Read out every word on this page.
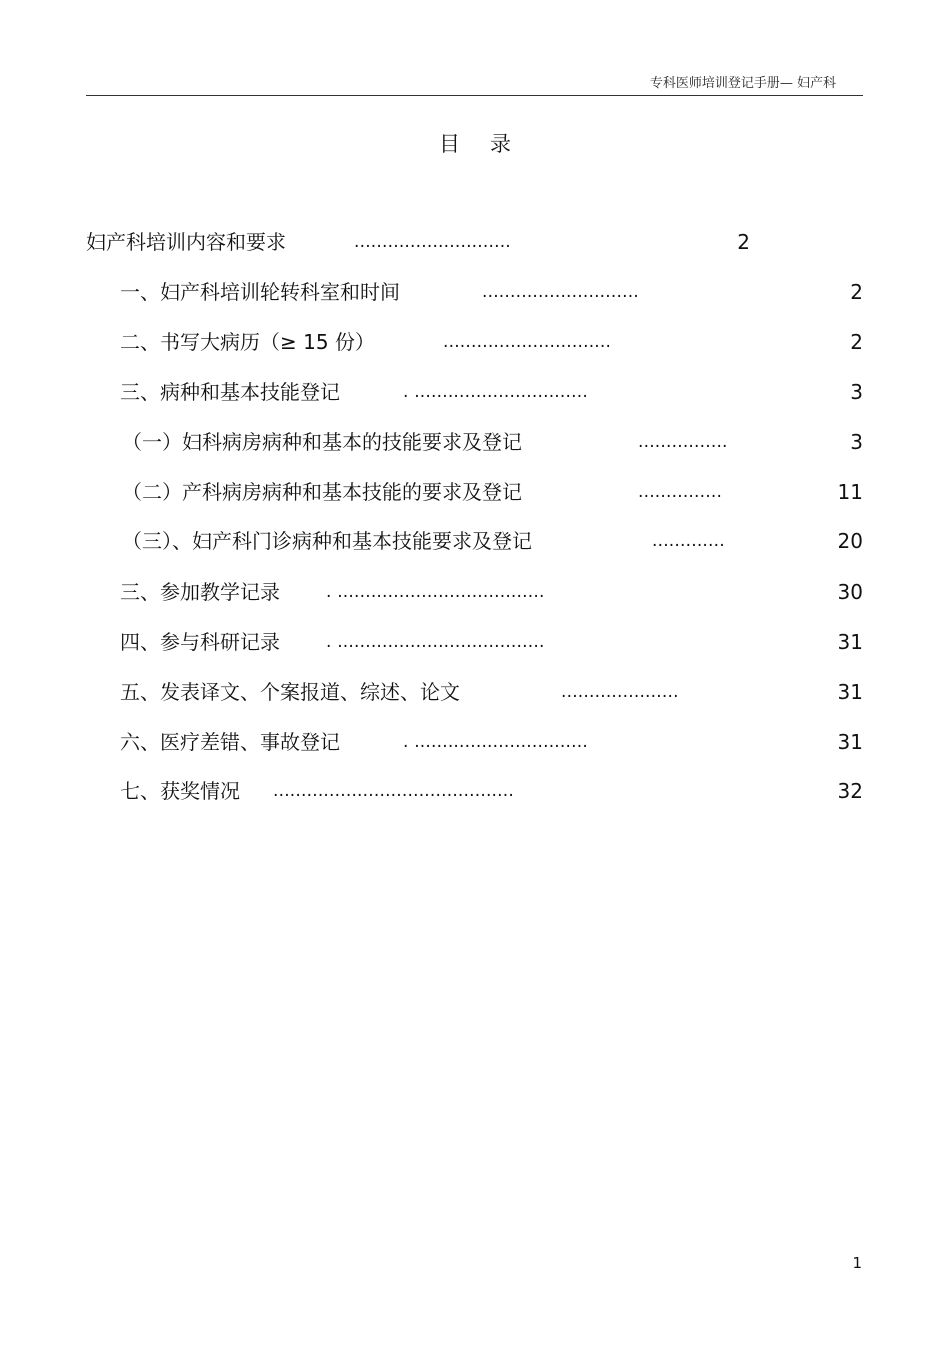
专科医师培训登记手册— 妇产科
目录
妇产科培训内容和要求	............................	2
一、妇产科培训轮转科室和时间	............................	2
二、书写大病历（≥ 15 份）	..............................	2
三、病种和基本技能登记	. ...............................	3
（一）妇科病房病种和基本的技能要求及登记	................	3
（二）产科病房病种和基本技能的要求及登记	...............	11
（三）、妇产科门诊病种和基本技能要求及登记	.............	20
三、参加教学记录	. .....................................	30
四、参与科研记录	. .....................................	31
五、发表译文、个案报道、综述、论文	.....................	31
六、医疗差错、事故登记	. ...............................	31
七、获奖情况 ...........................................	32
1
